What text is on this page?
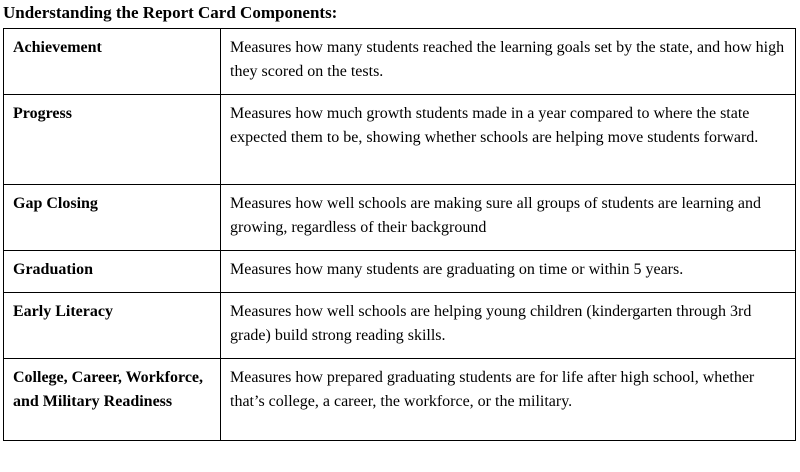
Understanding the Report Card Components:
Achievement	Measures how many students reached the learning goals set by the state, and how high they scored on the tests.
Progress	Measures how much growth students made in a year compared to where the state expected them to be, showing whether schools are helping move students forward.
Gap Closing	Measures how well schools are making sure all groups of students are learning and growing, regardless of their background
Graduation	Measures how many students are graduating on time or within 5 years.
Early Literacy	Measures how well schools are helping young children (kindergarten through 3rd grade) build strong reading skills.
College, Career, Workforce, and Military Readiness	Measures how prepared graduating students are for life after high school, whether that’s college, a career, the workforce, or the military.
